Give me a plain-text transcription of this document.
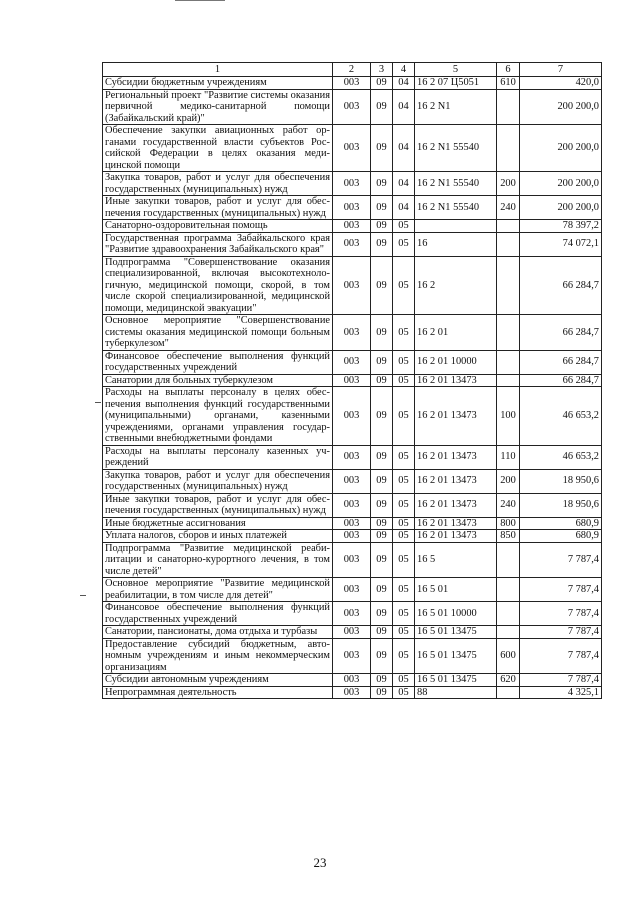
1	2	3	4	5	6	7
Субсидии бюджетным учреждениям	003	09	04	16 2 07 Ц5051	610	420,0
Региональный проект "Развитие системы оказания первичной медико-санитарной помощи (Забайкальский край)"	003	09	04	16 2 N1		200 200,0
Обеспечение закупки авиационных работ органами государственной власти субъектов Российской Федерации в целях оказания медицинской помощи	003	09	04	16 2 N1 55540		200 200,0
Закупка товаров, работ и услуг для обеспечения государственных (муниципальных) нужд	003	09	04	16 2 N1 55540	200	200 200,0
Иные закупки товаров, работ и услуг для обеспечения государственных (муниципальных) нужд	003	09	04	16 2 N1 55540	240	200 200,0
Санаторно-оздоровительная помощь	003	09	05			78 397,2
Государственная программа Забайкальского края "Развитие здравоохранения Забайкальского края"	003	09	05	16		74 072,1
Подпрограмма "Совершенствование оказания специализированной, включая высокотехнологичную, медицинской помощи, скорой, в том числе скорой специализированной, медицинской помощи, медицинской эвакуации"	003	09	05	16 2		66 284,7
Основное мероприятие "Совершенствование системы оказания медицинской помощи больным туберкулезом"	003	09	05	16 2 01		66 284,7
Финансовое обеспечение выполнения функций государственных учреждений	003	09	05	16 2 01 10000		66 284,7
Санатории для больных туберкулезом	003	09	05	16 2 01 13473		66 284,7
Расходы на выплаты персоналу в целях обеспечения выполнения функций государственными (муниципальными) органами, казенными учреждениями, органами управления государственными внебюджетными фондами	003	09	05	16 2 01 13473	100	46 653,2
Расходы на выплаты персоналу казенных учреждений	003	09	05	16 2 01 13473	110	46 653,2
Закупка товаров, работ и услуг для обеспечения государственных (муниципальных) нужд	003	09	05	16 2 01 13473	200	18 950,6
Иные закупки товаров, работ и услуг для обеспечения государственных (муниципальных) нужд	003	09	05	16 2 01 13473	240	18 950,6
Иные бюджетные ассигнования	003	09	05	16 2 01 13473	800	680,9
Уплата налогов, сборов и иных платежей	003	09	05	16 2 01 13473	850	680,9
Подпрограмма "Развитие медицинской реабилитации и санаторно-курортного лечения, в том числе детей"	003	09	05	16 5		7 787,4
Основное мероприятие "Развитие медицинской реабилитации, в том числе для детей"	003	09	05	16 5 01		7 787,4
Финансовое обеспечение выполнения функций государственных учреждений	003	09	05	16 5 01 10000		7 787,4
Санатории, пансионаты, дома отдыха и турбазы	003	09	05	16 5 01 13475		7 787,4
Предоставление субсидий бюджетным, автономным учреждениям и иным некоммерческим организациям	003	09	05	16 5 01 13475	600	7 787,4
Субсидии автономным учреждениям	003	09	05	16 5 01 13475	620	7 787,4
Непрограммная деятельность	003	09	05	88		4 325,1
23
